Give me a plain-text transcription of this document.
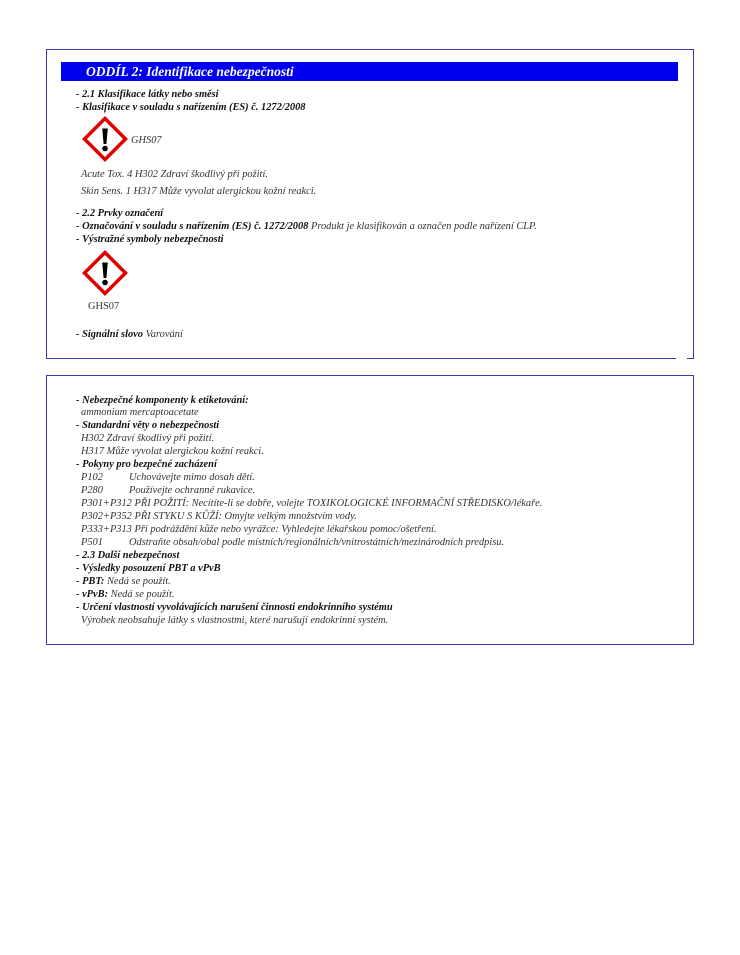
ODDÍL 2: Identifikace nebezpečnosti
- 2.1 Klasifikace látky nebo směsi
- Klasifikace v souladu s nařízením (ES) č. 1272/2008
GHS07
Acute Tox. 4 H302 Zdraví škodlivý při požití.
Skin Sens. 1 H317 Může vyvolat alergickou kožní reakci.
- 2.2 Prvky označení
- Označování v souladu s nařízením (ES) č. 1272/2008 Produkt je klasifikován a označen podle nařízení CLP.
- Výstražné symboly nebezpečnosti
GHS07
- Signální slovo Varování
- Nebezpečné komponenty k etiketování:
ammonium mercaptoacetate
- Standardní věty o nebezpečnosti
H302 Zdraví škodlivý při požití.
H317 Může vyvolat alergickou kožní reakci.
- Pokyny pro bezpečné zacházení
P102	Uchovávejte mimo dosah dětí.
P280	Používejte ochranné rukavice.
P301+P312 PŘI POŽITÍ: Necítíte-li se dobře, volejte TOXIKOLOGICKÉ INFORMAČNÍ STŘEDISKO/lékaře.
P302+P352 PŘI STYKU S KŮŽÍ: Omyjte velkým množstvím vody.
P333+P313 Při podráždění kůže nebo vyrážce: Vyhledejte lékařskou pomoc/ošetření.
P501	Odstraňte obsah/obal podle místních/regionálních/vnitrostátních/mezinárodních predpisu.
- 2.3 Další nebezpečnost
- Výsledky posouzení PBT a vPvB
- PBT: Nedá se použít.
- vPvB: Nedá se použít.
- Určení vlastností vyvolávajících narušení činnosti endokrinního systému
Výrobek neobsahuje látky s vlastnostmi, které narušují endokrinní systém.
